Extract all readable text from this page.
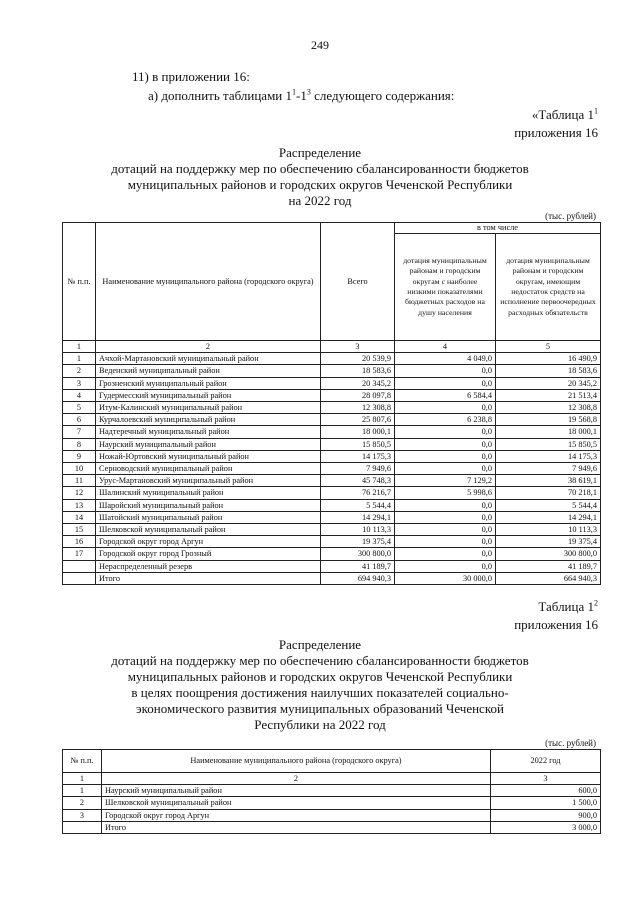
249
11) в приложении 16:
а) дополнить таблицами $1^1-1^3$ следующего содержания:
«Таблица $1^1$
приложения 16
Распределение
дотаций на поддержку мер по обеспечению сбалансированности бюджетов
муниципальных районов и городских округов Чеченской Республики
на 2022 год
(тыс. рублей)
№ п.п.	Наименование муниципального района (городского округа)	Всего	в том числе	
			дотация муниципальным районам и городским округам с наиболее низкими показателями бюджетных расходов на душу населения	дотация муниципальным районам и городским округам, имеющим недостаток средств на исполнение первоочередных расходных обязательств
1	2	3	4	5
1	Ачхой-Мартановский муниципальный район	20 539,9	4 049,0	16 490,9
2	Веденский муниципальный район	18 583,6	0,0	18 583,6
3	Грозненский муниципальный район	20 345,2	0,0	20 345,2
4	Гудермесский муниципальный район	28 097,8	6 584,4	21 513,4
5	Итум-Калинский муниципальный район	12 308,8	0,0	12 308,8
6	Курчалоевский муниципальный район	25 807,6	6 238,8	19 568,8
7	Надтеречный муниципальный район	18 000,1	0,0	18 000,1
8	Наурский муниципальный район	15 850,5	0,0	15 850,5
9	Ножай-Юртовский муниципальный район	14 175,3	0,0	14 175,3
10	Серноводский муниципальный район	7 949,6	0,0	7 949,6
11	Урус-Мартановский муниципальный район	45 748,3	7 129,2	38 619,1
12	Шалинский муниципальный район	76 216,7	5 998,6	70 218,1
13	Шаройский муниципальный район	5 544,4	0,0	5 544,4
14	Шатойский муниципальный район	14 294,1	0,0	14 294,1
15	Шелковской муниципальный район	10 113,3	0,0	10 113,3
16	Городской округ город Аргун	19 375,4	0,0	19 375,4
17	Городской округ город Грозный	300 800,0	0,0	300 800,0
	Нераспределенный резерв	41 189,7	0,0	41 189,7
	Итого	694 940,3	30 000,0	664 940,3
Таблица $1^2$
приложения 16
Распределение
дотаций на поддержку мер по обеспечению сбалансированности бюджетов
муниципальных районов и городских округов Чеченской Республики
в целях поощрения достижения наилучших показателей социально-
экономического развития муниципальных образований Чеченской
Республики на 2022 год
(тыс. рублей)
№ п.п.	Наименование муниципального района (городского округа)	2022 год
1	2	3
1	Наурский муниципальный район	600,0
2	Шелковской муниципальный район	1 500,0
3	Городской округ город Аргун	900,0
	Итого	3 000,0
